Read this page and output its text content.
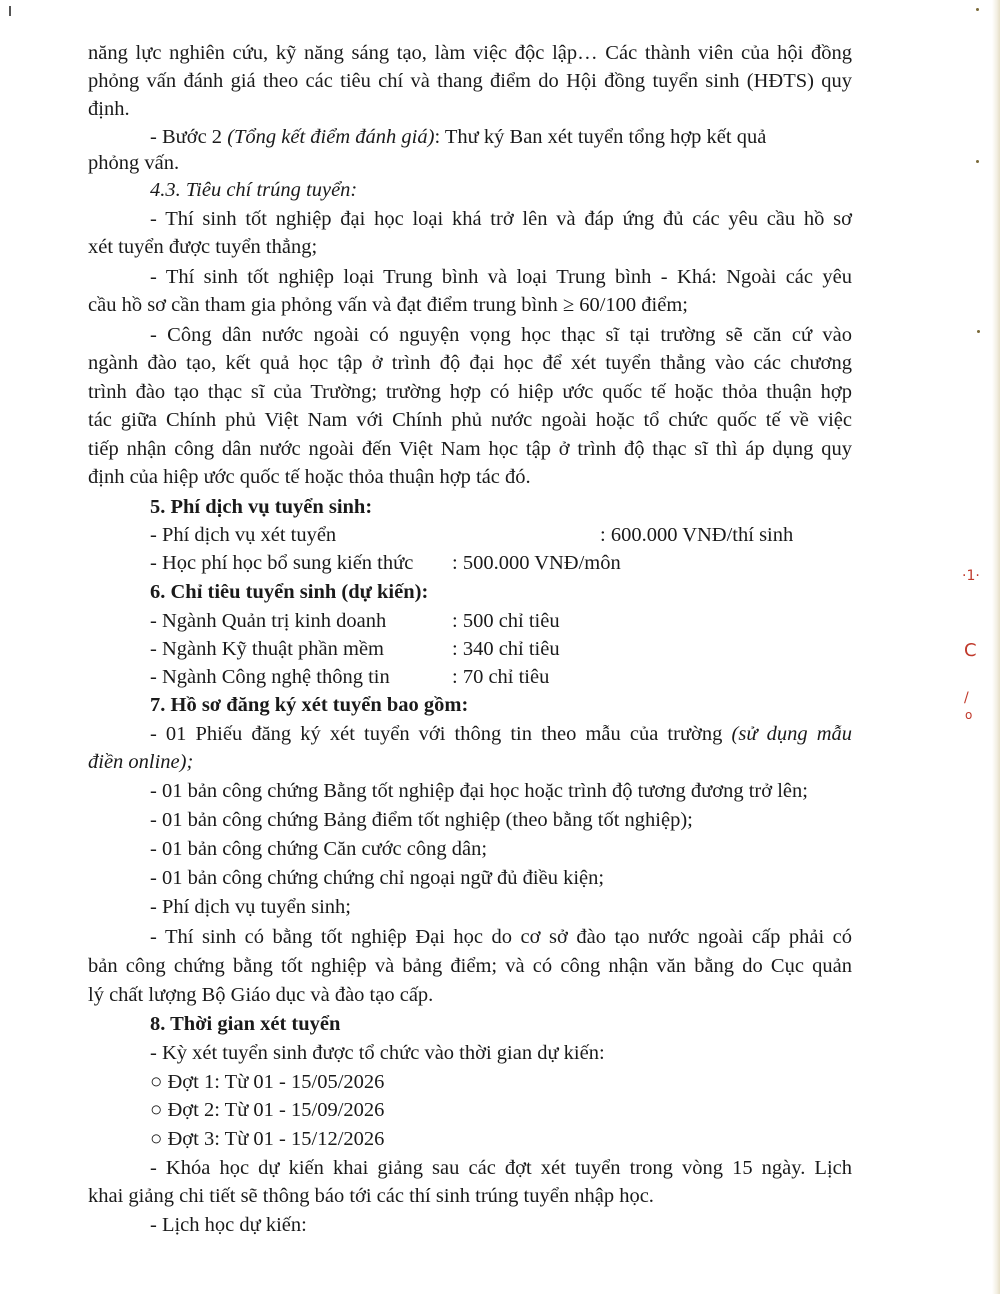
·1·
C
/
o
năng lực nghiên cứu, kỹ năng sáng tạo, làm việc độc lập… Các thành viên của hội đồng
phỏng vấn đánh giá theo các tiêu chí và thang điểm do Hội đồng tuyển sinh (HĐTS) quy
định.
- Bước 2 (Tổng kết điểm đánh giá): Thư ký Ban xét tuyển tổng hợp kết quả
phỏng vấn.
4.3. Tiêu chí trúng tuyển:
- Thí sinh tốt nghiệp đại học loại khá trở lên và đáp ứng đủ các yêu cầu hồ sơ
xét tuyển được tuyển thẳng;
- Thí sinh tốt nghiệp loại Trung bình và loại Trung bình - Khá: Ngoài các yêu
cầu hồ sơ cần tham gia phỏng vấn và đạt điểm trung bình ≥ 60/100 điểm;
- Công dân nước ngoài có nguyện vọng học thạc sĩ tại trường sẽ căn cứ vào
ngành đào tạo, kết quả học tập ở trình độ đại học để xét tuyển thẳng vào các chương
trình đào tạo thạc sĩ của Trường; trường hợp có hiệp ước quốc tế hoặc thỏa thuận hợp
tác giữa Chính phủ Việt Nam với Chính phủ nước ngoài hoặc tổ chức quốc tế về việc
tiếp nhận công dân nước ngoài đến Việt Nam học tập ở trình độ thạc sĩ thì áp dụng quy
định của hiệp ước quốc tế hoặc thỏa thuận hợp tác đó.
5. Phí dịch vụ tuyển sinh:
- Phí dịch vụ xét tuyển	: 600.000 VNĐ/thí sinh
- Học phí học bổ sung kiến thức : 500.000 VNĐ/môn
6. Chỉ tiêu tuyển sinh (dự kiến):
- Ngành Quản trị kinh doanh	: 500 chỉ tiêu
- Ngành Kỹ thuật phần mềm	: 340 chỉ tiêu
- Ngành Công nghệ thông tin	: 70 chỉ tiêu
7. Hồ sơ đăng ký xét tuyển bao gồm:
- 01 Phiếu đăng ký xét tuyển với thông tin theo mẫu của trường (sử dụng mẫu
điền online);
- 01 bản công chứng Bằng tốt nghiệp đại học hoặc trình độ tương đương trở lên;
- 01 bản công chứng Bảng điểm tốt nghiệp (theo bằng tốt nghiệp);
- 01 bản công chứng Căn cước công dân;
- 01 bản công chứng chứng chỉ ngoại ngữ đủ điều kiện;
- Phí dịch vụ tuyển sinh;
- Thí sinh có bằng tốt nghiệp Đại học do cơ sở đào tạo nước ngoài cấp phải có
bản công chứng bằng tốt nghiệp và bảng điểm; và có công nhận văn bằng do Cục quản
lý chất lượng Bộ Giáo dục và đào tạo cấp.
8. Thời gian xét tuyển
- Kỳ xét tuyển sinh được tổ chức vào thời gian dự kiến:
○ Đợt 1: Từ 01 - 15/05/2026
○ Đợt 2: Từ 01 - 15/09/2026
○ Đợt 3: Từ 01 - 15/12/2026
- Khóa học dự kiến khai giảng sau các đợt xét tuyển trong vòng 15 ngày. Lịch
khai giảng chi tiết sẽ thông báo tới các thí sinh trúng tuyển nhập học.
- Lịch học dự kiến:
